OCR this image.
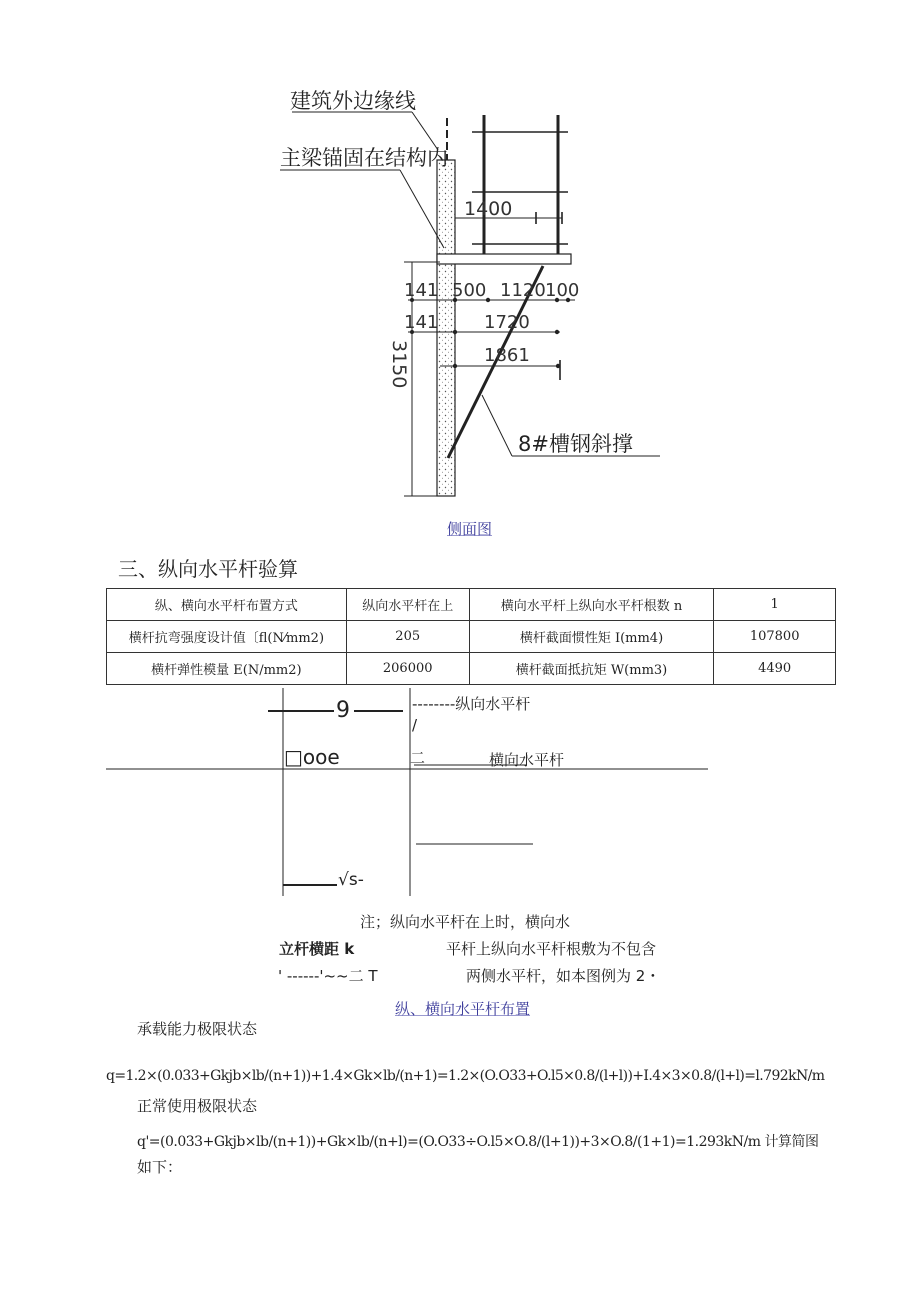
建筑外边缘线
主梁锚固在结构内
1400
141 500 1120 100
141	1720
1861
3150
8#槽钢斜撑
侧面图
三、纵向水平杆验算
纵、横向水平杆布置方式	纵向水平杆在上	横向水平杆上纵向水平杆根数 n	1
横杆抗弯强度设计值〔fl(N⁄mm2)	205	横杆截面惯性矩 I(mm4)	107800
横杆弹性模量 E(N/mm2)	206000	横杆截面抵抗矩 W(mm3)	4490
9
□ooe
--------纵向水平杆
/
二	横向水平杆
√s-
注；纵向水平杆在上时，横向水
立杆横距 k	平杆上纵向水平杆根敷为不包含
' ------'~~二 T	两侧水平杆，如本图例为 2・
纵、横向水平杆布置
承载能力极限状态
q=1.2×(0.033+Gkjb×lb/(n+1))+1.4×Gk×lb/(n+1)=1.2×(O.O33+O.l5×0.8/(l+l))+I.4×3×0.8/(l+l)=l.792kN/m
正常使用极限状态
q'=(0.033+Gkjb×lb/(n+1))+Gk×lb/(n+l)=(O.O33÷O.l5×O.8/(l+1))+3×O.8/(1+1)=1.293kN/m 计算简图
如下：
